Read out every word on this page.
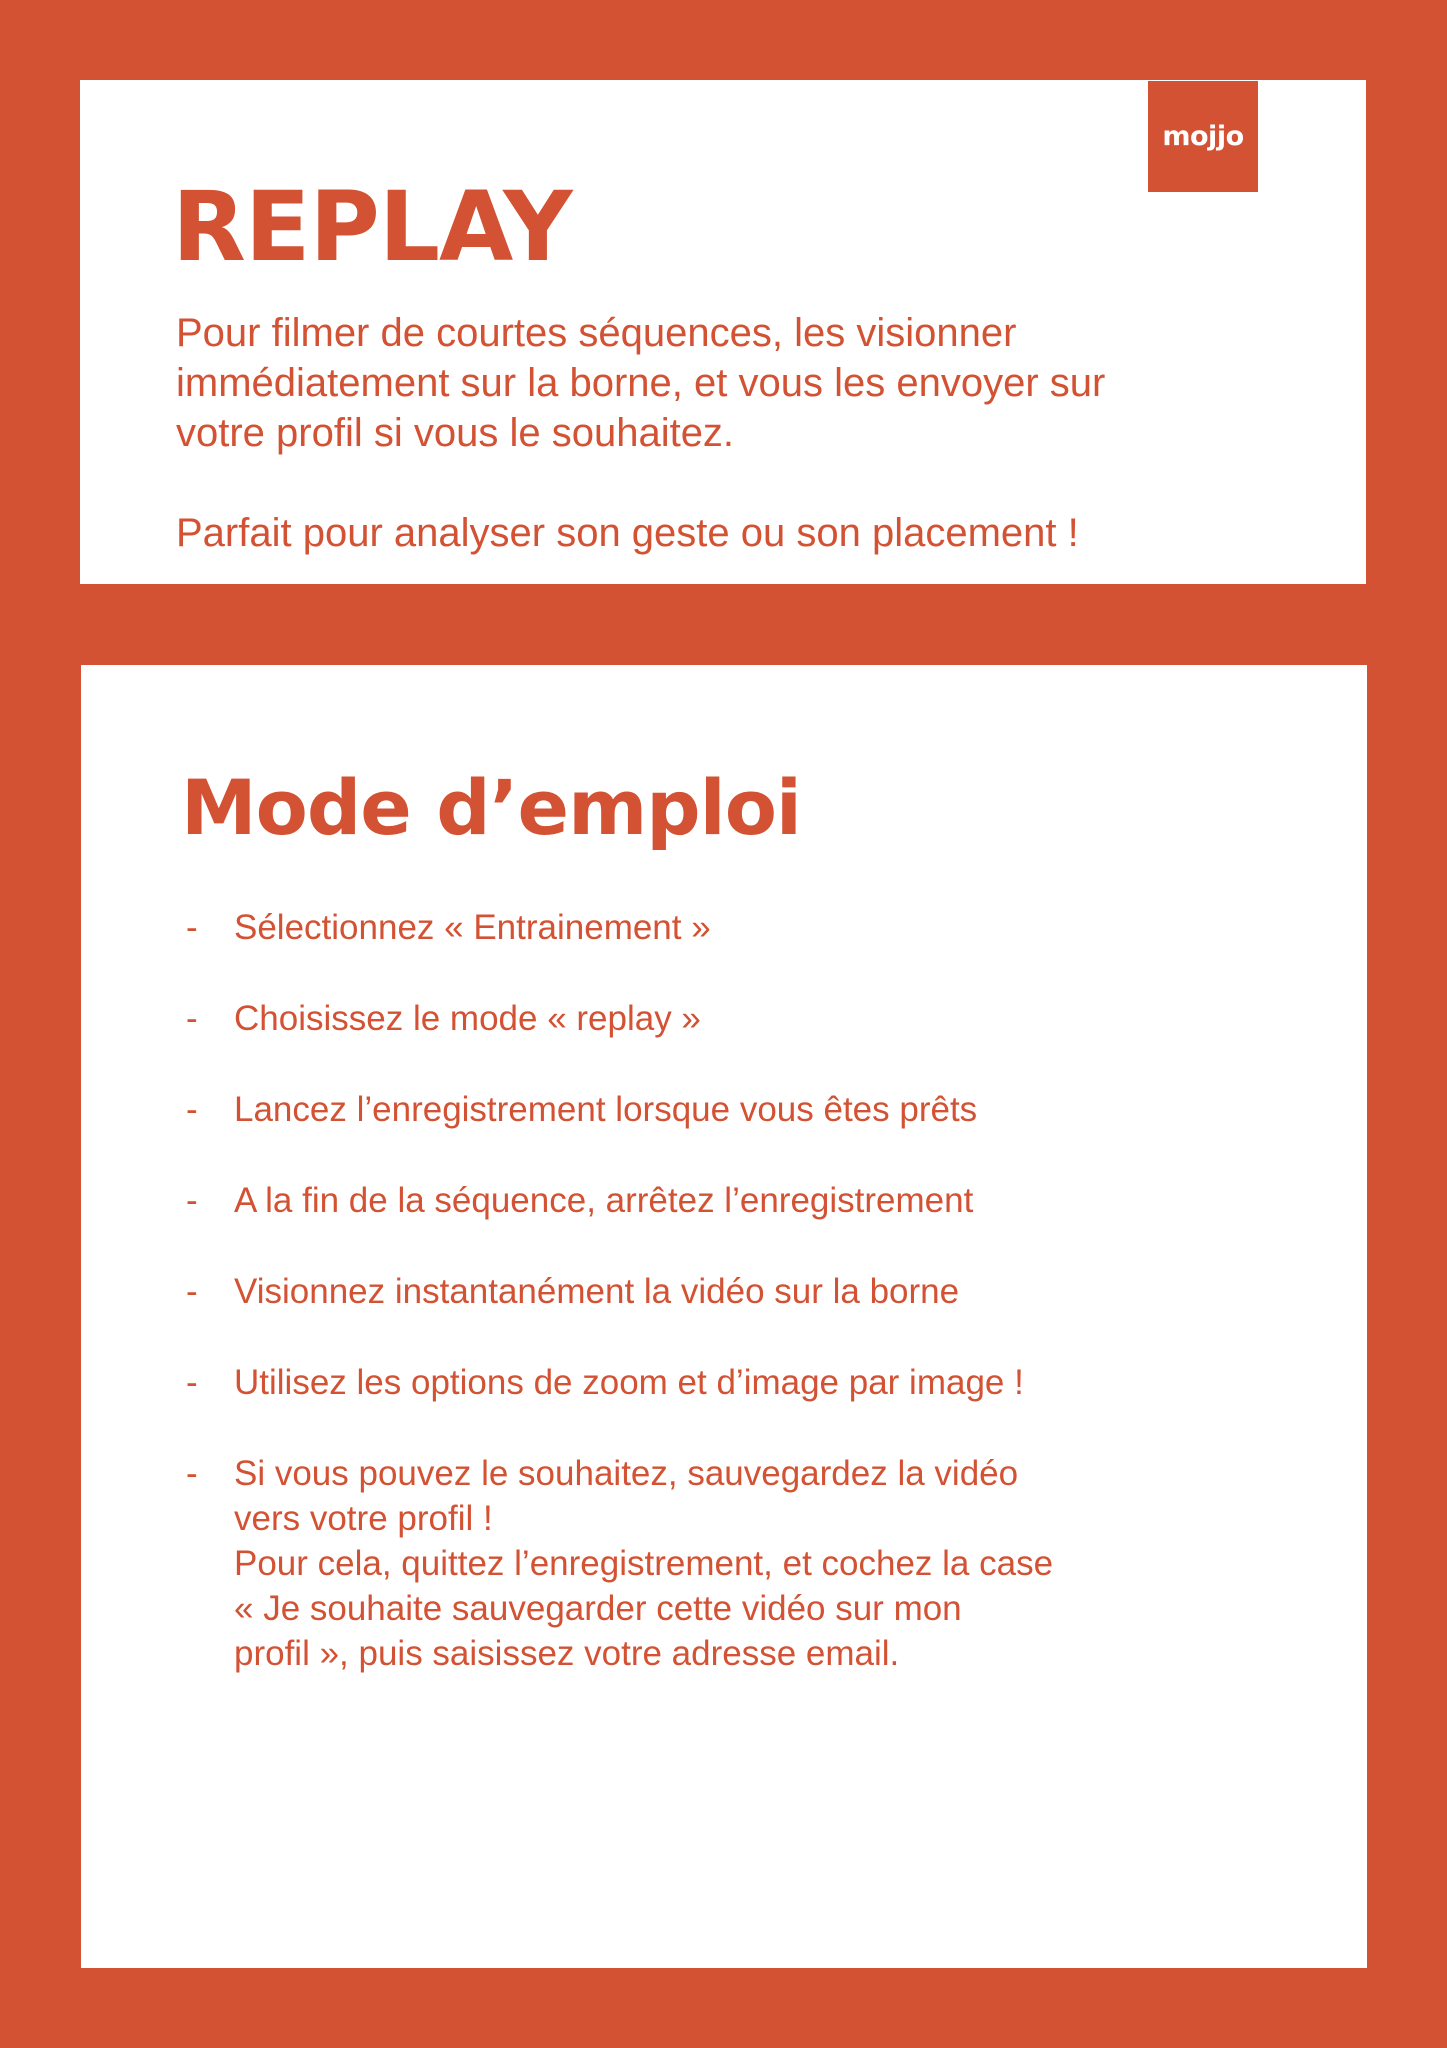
mojjo
REPLAY

Pour filmer de courtes séquences, les visionner
immédiatement sur la borne, et vous les envoyer sur
votre profil si vous le souhaitez.

Parfait pour analyser son geste ou son placement !

Mode d’emploi
- Sélectionnez « Entrainement »
- Choisissez le mode « replay »
- Lancez l’enregistrement lorsque vous êtes prêts
- A la fin de la séquence, arrêtez l’enregistrement
- Visionnez instantanément la vidéo sur la borne
- Utilisez les options de zoom et d’image par image !
- Si vous pouvez le souhaitez, sauvegardez la vidéo
vers votre profil !
Pour cela, quittez l’enregistrement, et cochez la case
« Je souhaite sauvegarder cette vidéo sur mon
profil », puis saisissez votre adresse email.
